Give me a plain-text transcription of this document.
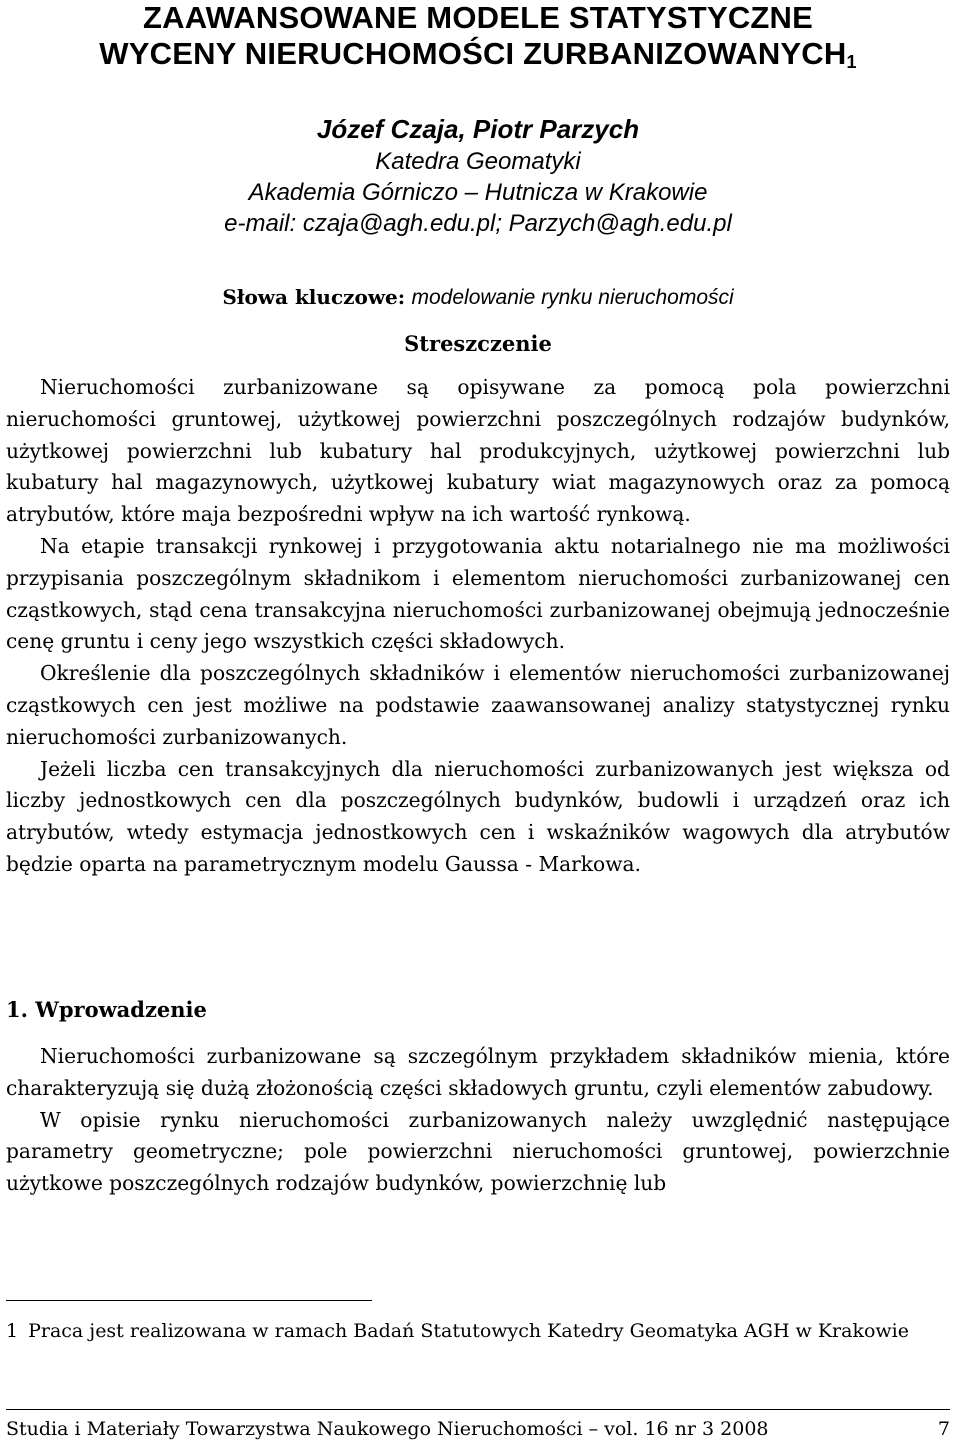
ZAAWANSOWANE MODELE STATYSTYCZNE
WYCENY NIERUCHOMOŚCI ZURBANIZOWANYCH$^1$
Józef Czaja, Piotr Parzych
Katedra Geomatyki
Akademia Górniczo – Hutnicza w Krakowie
e-mail: czaja@agh.edu.pl; Parzych@agh.edu.pl
Słowa kluczowe: modelowanie rynku nieruchomości
Streszczenie

Nieruchomości zurbanizowane są opisywane za pomocą pola powierzchni nieruchomości gruntowej, użytkowej powierzchni poszczególnych rodzajów budynków, użytkowej powierzchni lub kubatury hal produkcyjnych, użytkowej powierzchni lub kubatury hal magazynowych, użytkowej kubatury wiat magazynowych oraz za pomocą atrybutów, które maja bezpośredni wpływ na ich wartość rynkową.

Na etapie transakcji rynkowej i przygotowania aktu notarialnego nie ma możliwości przypisania poszczególnym składnikom i elementom nieruchomości zurbanizowanej cen cząstkowych, stąd cena transakcyjna nieruchomości zurbanizowanej obejmują jednocześnie cenę gruntu i ceny jego wszystkich części składowych.

Określenie dla poszczególnych składników i elementów nieruchomości zurbanizowanej cząstkowych cen jest możliwe na podstawie zaawansowanej analizy statystycznej rynku nieruchomości zurbanizowanych.

Jeżeli liczba cen transakcyjnych dla nieruchomości zurbanizowanych jest większa od liczby jednostkowych cen dla poszczególnych budynków, budowli i urządzeń oraz ich atrybutów, wtedy estymacja jednostkowych cen i wskaźników wagowych dla atrybutów będzie oparta na parametrycznym modelu Gaussa - Markowa.

1. Wprowadzenie

Nieruchomości zurbanizowane są szczególnym przykładem składników mienia, które charakteryzują się dużą złożonością części składowych gruntu, czyli elementów zabudowy.

W opisie rynku nieruchomości zurbanizowanych należy uwzględnić następujące parametry geometryczne; pole powierzchni nieruchomości gruntowej, powierzchnie użytkowe poszczególnych rodzajów budynków, powierzchnię lub

1 Praca jest realizowana w ramach Badań Statutowych Katedry Geomatyka AGH w Krakowie
Studia i Materiały Towarzystwa Naukowego Nieruchomości – vol. 16 nr 3 2008	7
